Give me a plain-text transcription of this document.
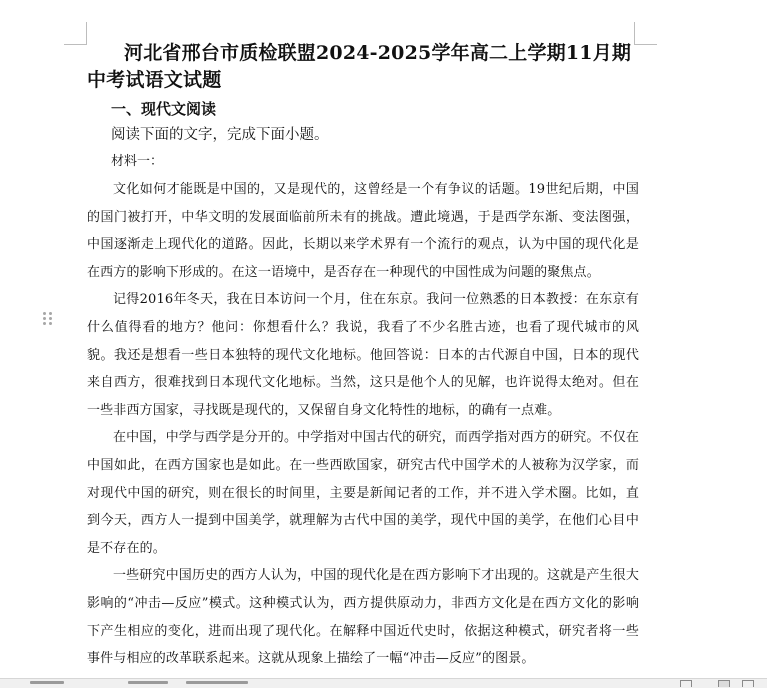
河北省邢台市质检联盟2024-2025学年高二上学期11月期中考试语文试题

一、现代文阅读

阅读下面的文字，完成下面小题。

材料一：

文化如何才能既是中国的，又是现代的，这曾经是一个有争议的话题。19世纪后期，中国的国门被打开，中华文明的发展面临前所未有的挑战。遭此境遇，于是西学东渐、变法图强，中国逐渐走上现代化的道路。因此，长期以来学术界有一个流行的观点，认为中国的现代化是在西方的影响下形成的。在这一语境中，是否存在一种现代的中国性成为问题的聚焦点。

记得2016年冬天，我在日本访问一个月，住在东京。我问一位熟悉的日本教授：在东京有什么值得看的地方？他问：你想看什么？我说，我看了不少名胜古迹，也看了现代城市的风貌。我还是想看一些日本独特的现代文化地标。他回答说：日本的古代源自中国，日本的现代来自西方，很难找到日本现代文化地标。当然，这只是他个人的见解，也许说得太绝对。但在一些非西方国家，寻找既是现代的，又保留自身文化特性的地标，的确有一点难。

在中国，中学与西学是分开的。中学指对中国古代的研究，而西学指对西方的研究。不仅在中国如此，在西方国家也是如此。在一些西欧国家，研究古代中国学术的人被称为汉学家，而对现代中国的研究，则在很长的时间里，主要是新闻记者的工作，并不进入学术圈。比如，直到今天，西方人一提到中国美学，就理解为古代中国的美学，现代中国的美学，在他们心目中是不存在的。

一些研究中国历史的西方人认为，中国的现代化是在西方影响下才出现的。这就是产生很大影响的“冲击—反应”模式。这种模式认为，西方提供原动力，非西方文化是在西方文化的影响下产生相应的变化，进而出现了现代化。在解释中国近代史时，依据这种模式，研究者将一些事件与相应的改革联系起来。这就从现象上描绘了一幅“冲击—反应”的图景。
